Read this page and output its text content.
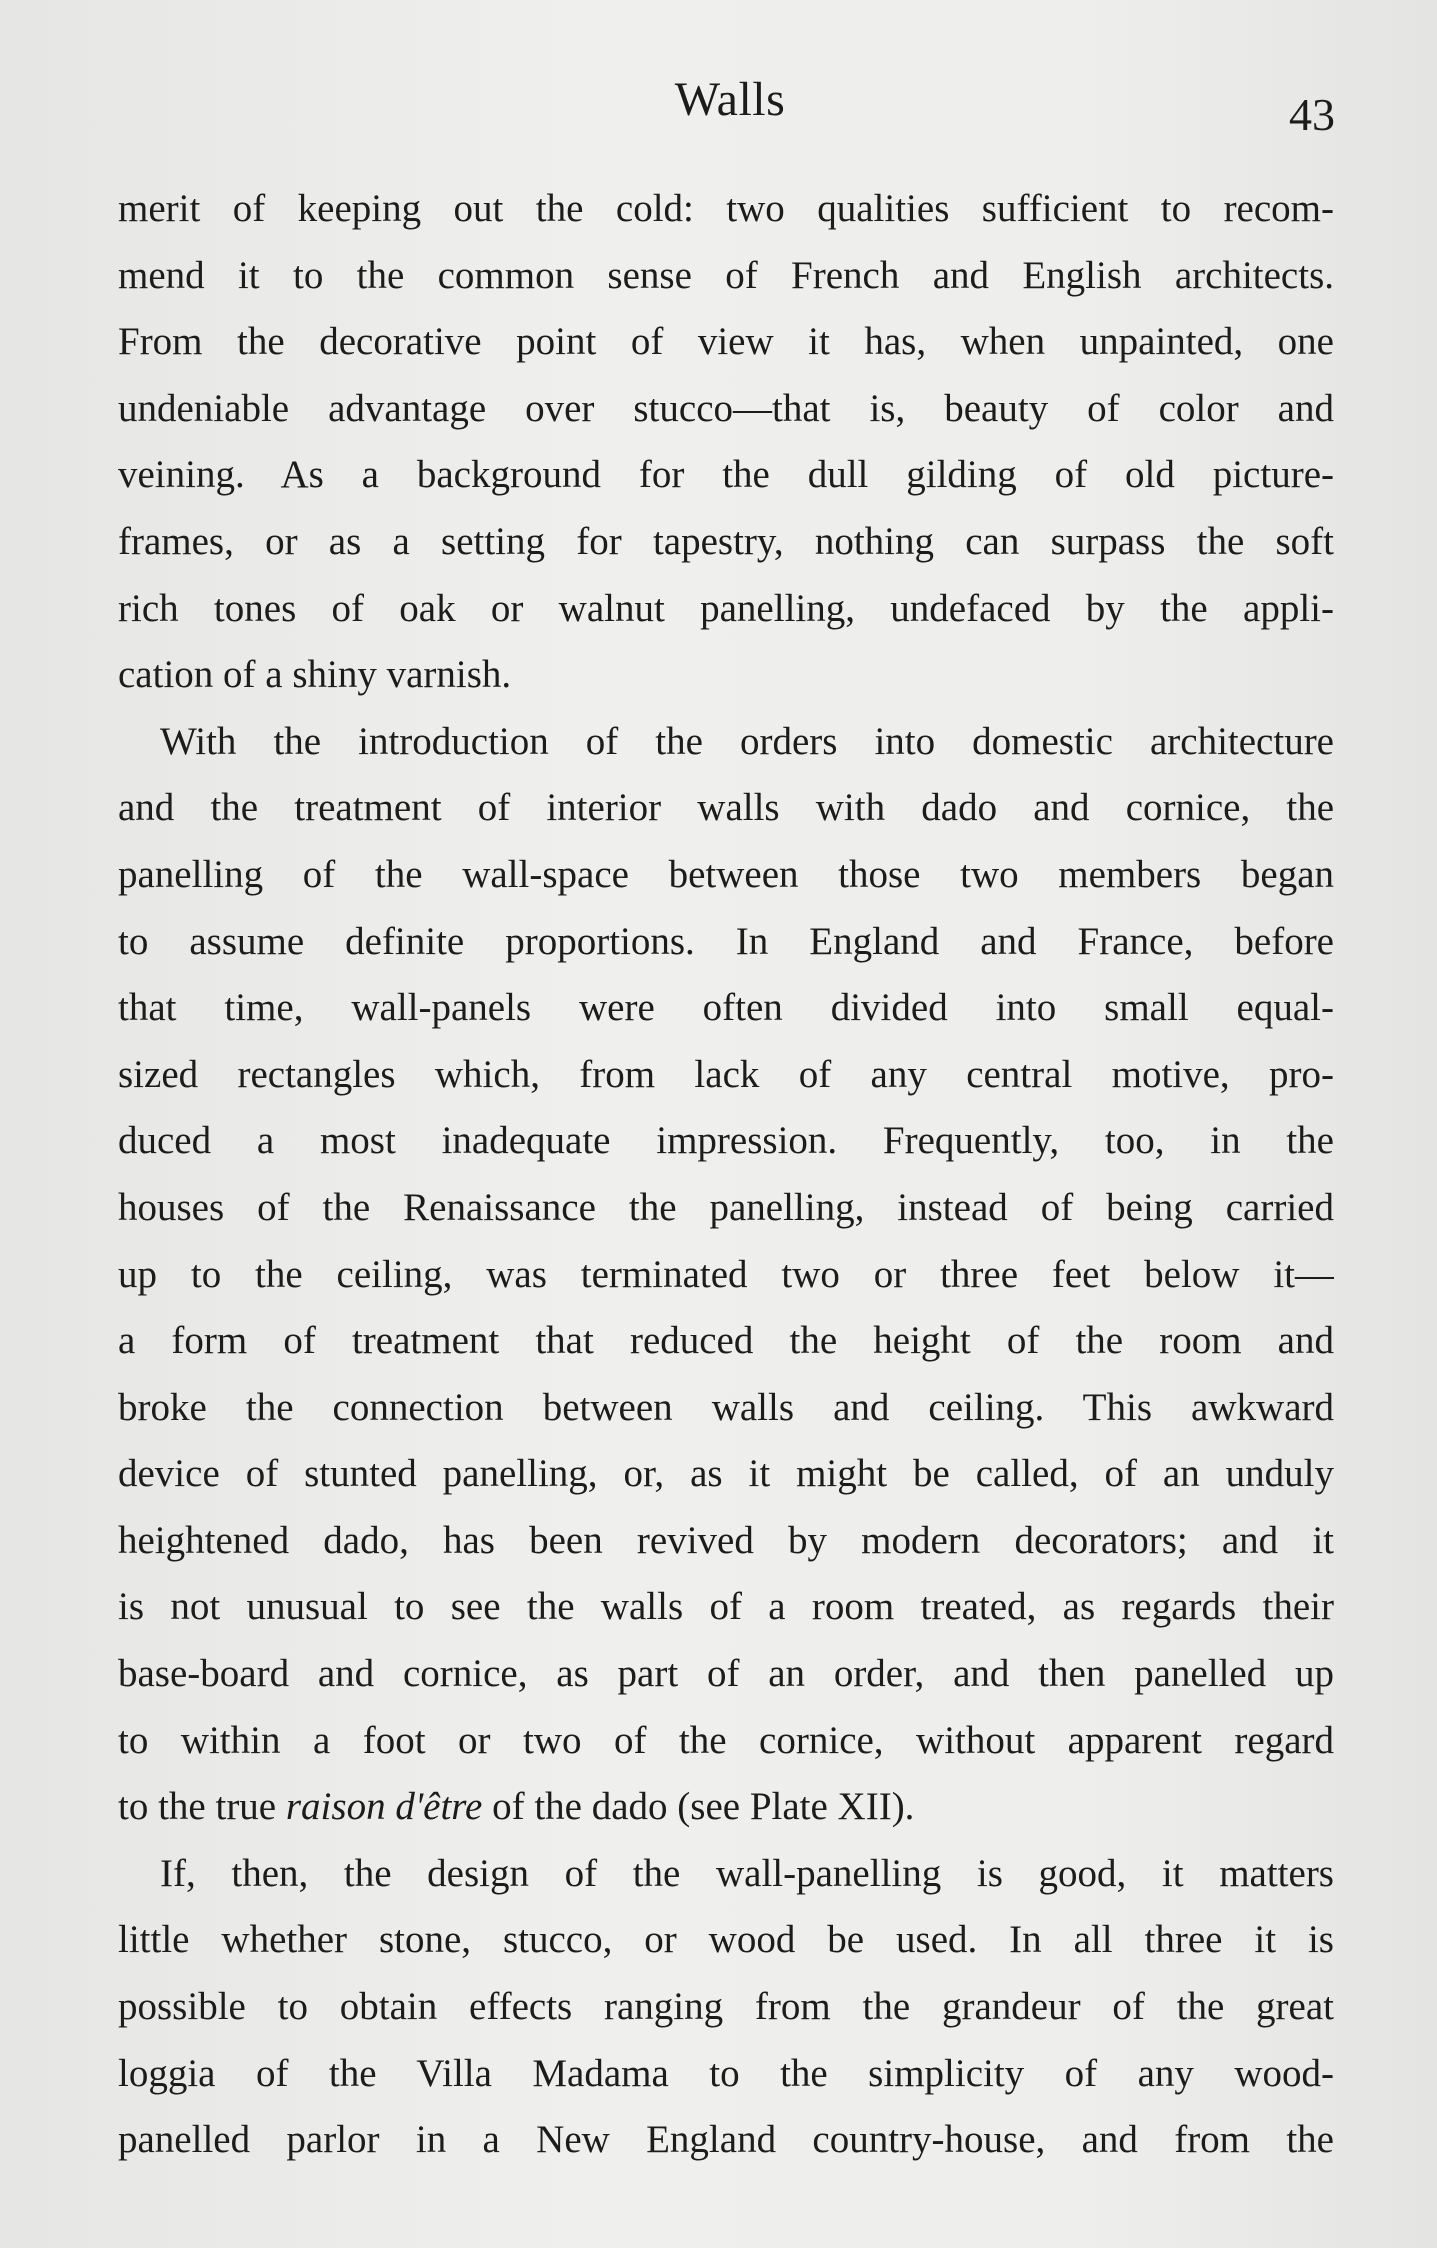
Walls	43
merit of keeping out the cold: two qualities sufficient to recom-
mend it to the common sense of French and English architects.
From the decorative point of view it has, when unpainted, one
undeniable advantage over stucco—that is, beauty of color and
veining. As a background for the dull gilding of old picture-
frames, or as a setting for tapestry, nothing can surpass the soft
rich tones of oak or walnut panelling, undefaced by the appli-
cation of a shiny varnish.
With the introduction of the orders into domestic architecture
and the treatment of interior walls with dado and cornice, the
panelling of the wall-space between those two members began
to assume definite proportions. In England and France, before
that time, wall-panels were often divided into small equal-
sized rectangles which, from lack of any central motive, pro-
duced a most inadequate impression. Frequently, too, in the
houses of the Renaissance the panelling, instead of being carried
up to the ceiling, was terminated two or three feet below it—
a form of treatment that reduced the height of the room and
broke the connection between walls and ceiling. This awkward
device of stunted panelling, or, as it might be called, of an unduly
heightened dado, has been revived by modern decorators; and it
is not unusual to see the walls of a room treated, as regards their
base-board and cornice, as part of an order, and then panelled up
to within a foot or two of the cornice, without apparent regard
to the true raison d'être of the dado (see Plate XII).
If, then, the design of the wall-panelling is good, it matters
little whether stone, stucco, or wood be used. In all three it is
possible to obtain effects ranging from the grandeur of the great
loggia of the Villa Madama to the simplicity of any wood-
panelled parlor in a New England country-house, and from the
